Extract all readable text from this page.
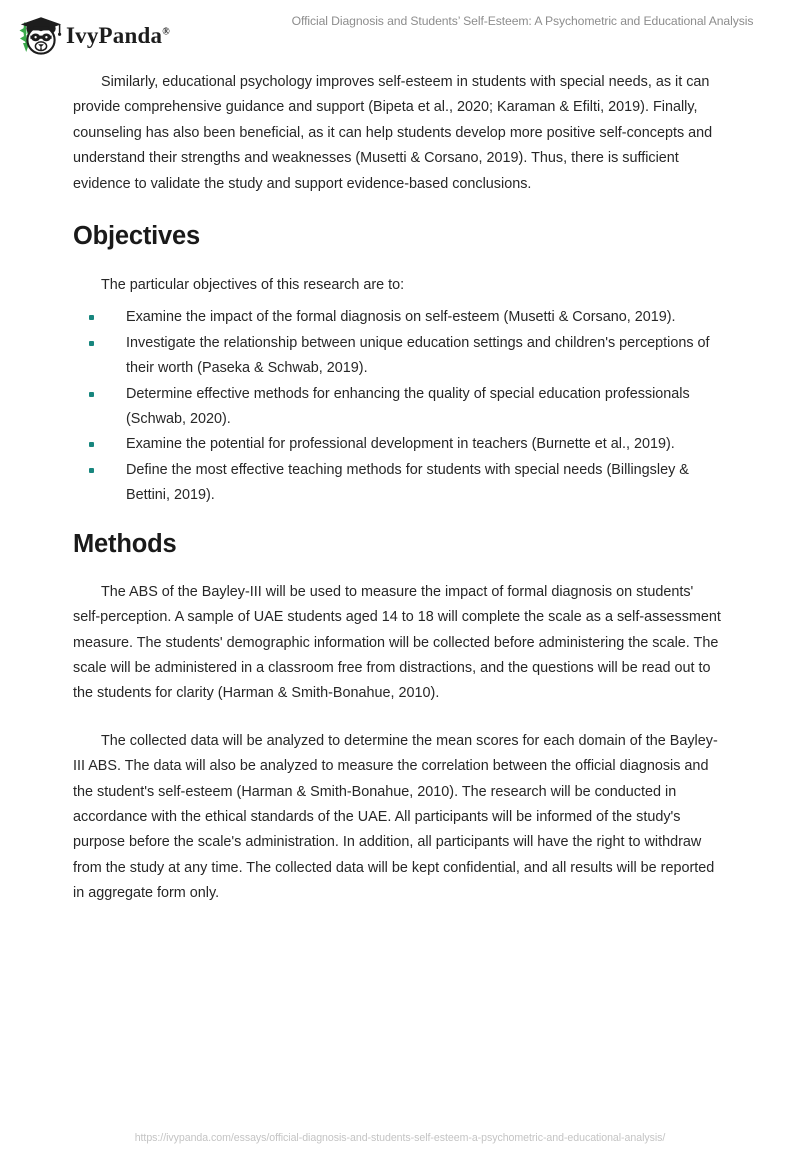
IvyPanda®
Official Diagnosis and Students’ Self-Esteem: A Psychometric and Educational Analysis

Similarly, educational psychology improves self-esteem in students with special needs, as it can provide comprehensive guidance and support (Bipeta et al., 2020; Karaman & Efilti, 2019). Finally, counseling has also been beneficial, as it can help students develop more positive self-concepts and understand their strengths and weaknesses (Musetti & Corsano, 2019). Thus, there is sufficient evidence to validate the study and support evidence-based conclusions.

Objectives

The particular objectives of this research are to:

Examine the impact of the formal diagnosis on self-esteem (Musetti & Corsano, 2019).
Investigate the relationship between unique education settings and children's perceptions of their worth (Paseka & Schwab, 2019).
Determine effective methods for enhancing the quality of special education professionals (Schwab, 2020).
Examine the potential for professional development in teachers (Burnette et al., 2019).
Define the most effective teaching methods for students with special needs (Billingsley & Bettini, 2019).
Methods

The ABS of the Bayley-III will be used to measure the impact of formal diagnosis on students' self-perception. A sample of UAE students aged 14 to 18 will complete the scale as a self-assessment measure. The students' demographic information will be collected before administering the scale. The scale will be administered in a classroom free from distractions, and the questions will be read out to the students for clarity (Harman & Smith-Bonahue, 2010).

The collected data will be analyzed to determine the mean scores for each domain of the Bayley-III ABS. The data will also be analyzed to measure the correlation between the official diagnosis and the student's self-esteem (Harman & Smith-Bonahue, 2010). The research will be conducted in accordance with the ethical standards of the UAE. All participants will be informed of the study's purpose before the scale's administration. In addition, all participants will have the right to withdraw from the study at any time. The collected data will be kept confidential, and all results will be reported in aggregate form only.

https://ivypanda.com/essays/official-diagnosis-and-students-self-esteem-a-psychometric-and-educational-analysis/
